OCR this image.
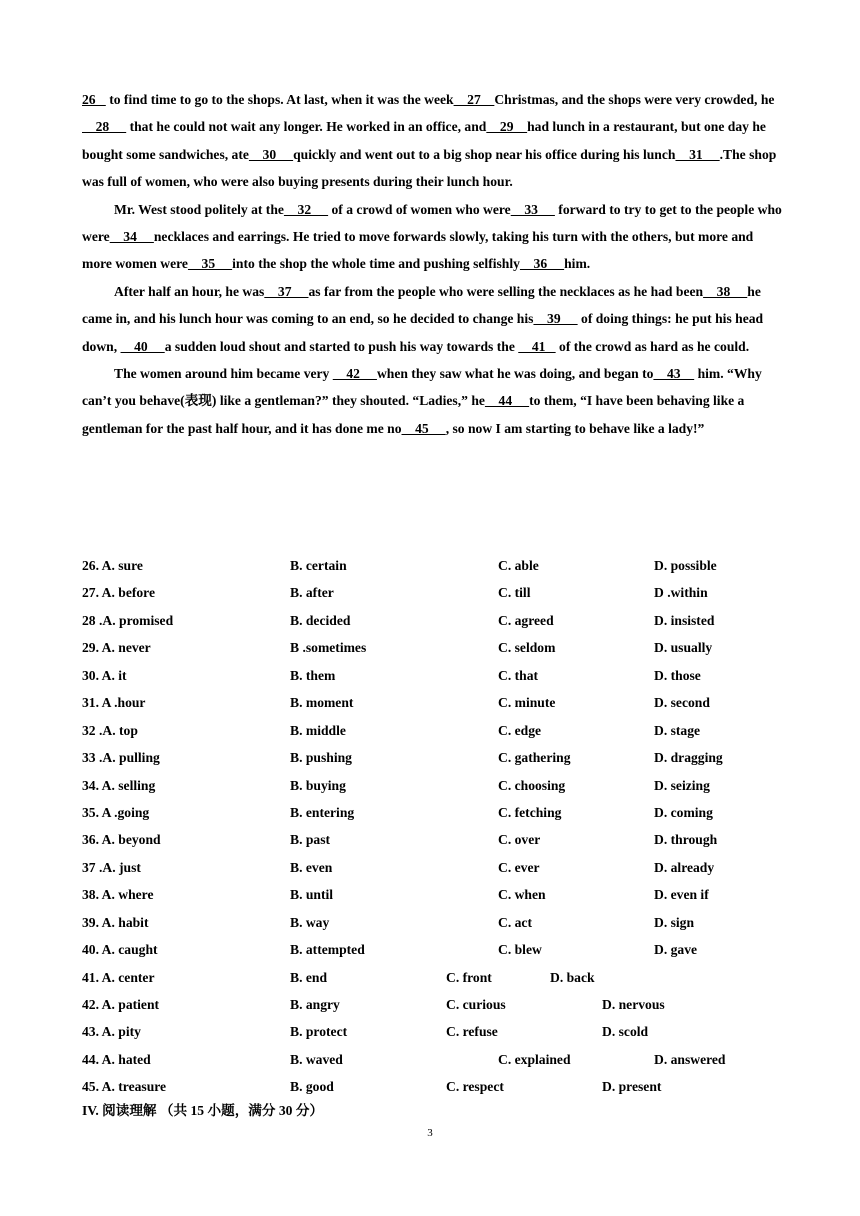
26    to find time to go to the shops. At last, when it was the week    27    Christmas, and the shops were very crowded, he    28      that he could not wait any longer. He worked in an office, and    29    had lunch in a restaurant, but one day he bought some sandwiches, ate    30     quickly and went out to a big shop near his office during his lunch    31     .The shop was full of women, who were also buying presents during their lunch hour.

Mr. West stood politely at the    32      of a crowd of women who were    33      forward to try to get to the people who were    34     necklaces and earrings. He tried to move forwards slowly, taking his turn with the others, but more and more women were    35     into the shop the whole time and pushing selfishly    36     him.

After half an hour, he was    37     as far from the people who were selling the necklaces as he had been    38     he came in, and his lunch hour was coming to an end, so he decided to change his    39      of doing things: he put his head down,     40     a sudden loud shout and started to push his way towards the     41    of the crowd as hard as he could.

The women around him became very     42     when they saw what he was doing, and began to    43     him. “Why can’t you behave(表现) like a gentleman?” they shouted. “Ladies,” he    44     to them, “I have been behaving like a gentleman for the past half hour, and it has done me no    45     , so now I am starting to behave like a lady!”

26. A. sure	B. certain	C. able	D. possible
27. A. before	B. after	C. till	D .within
28 .A. promised	B. decided	C. agreed	D. insisted
29. A. never	B .sometimes	C. seldom	D. usually
30. A. it	B. them	C. that	D. those
31. A .hour	B. moment	C. minute	D. second
32 .A. top	B. middle	C. edge	D. stage
33 .A. pulling	B. pushing	C. gathering	D. dragging
34. A. selling	B. buying	C. choosing	D. seizing
35. A .going	B. entering	C. fetching	D. coming
36. A. beyond	B. past	C. over	D. through
37 .A. just	B. even	C. ever	D. already
38. A. where	B. until	C. when	D. even if
39. A. habit	B. way	C. act	D. sign
40. A. caught	B. attempted	C. blew	D. gave
41. A. center	B. end	C. front	D. back
42. A. patient	B. angry	C. curious	D. nervous
43. A. pity	B. protect	C. refuse	D. scold
44. A. hated	B. waved	C. explained	D. answered
45. A. treasure	B. good	C. respect	D. present
IV. 阅读理解 （共 15 小题，满分 30 分）
3
